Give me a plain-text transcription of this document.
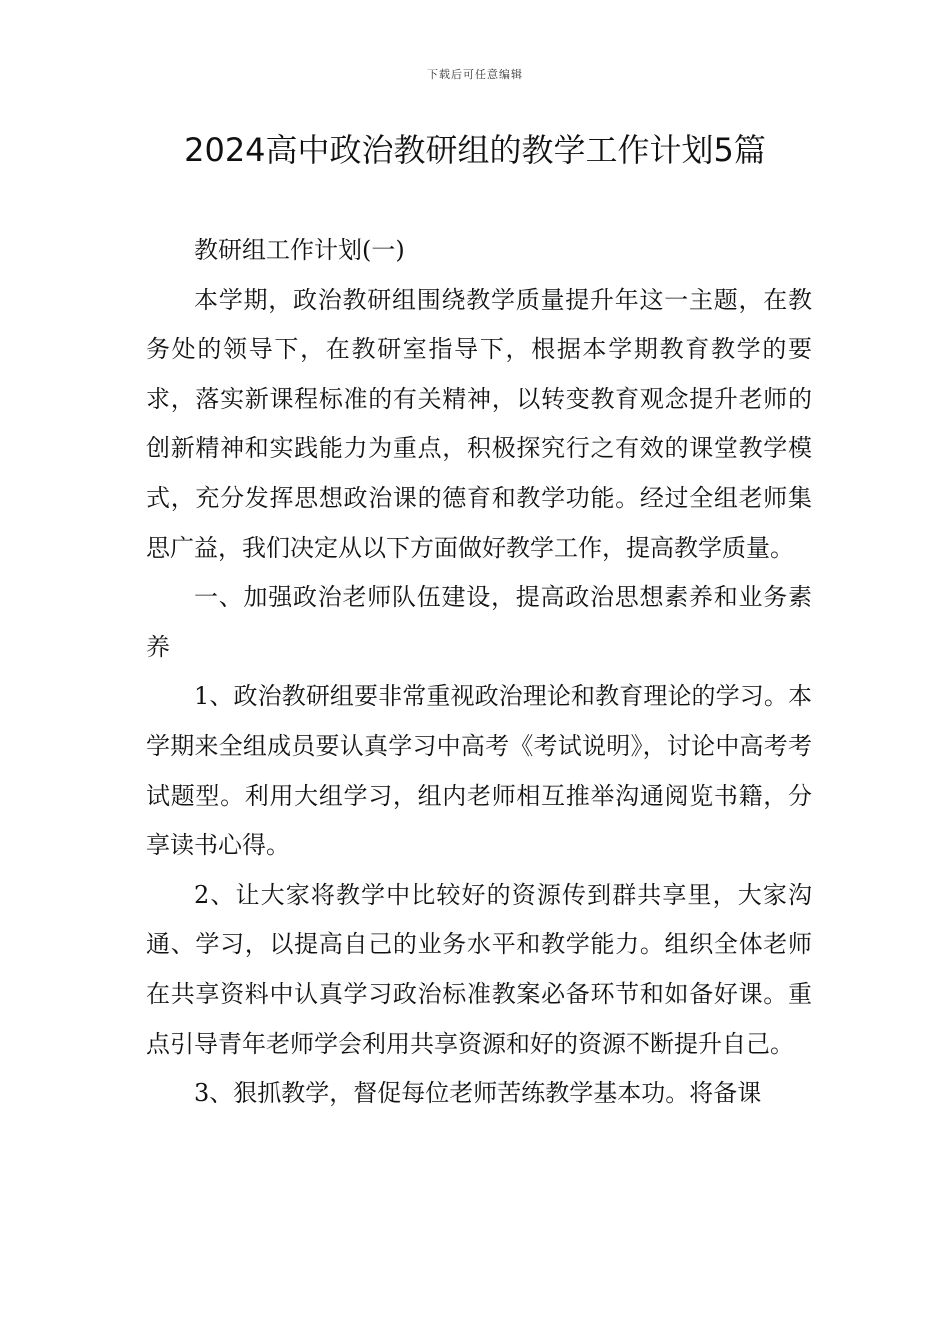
下载后可任意编辑
2024高中政治教研组的教学工作计划5篇

教研组工作计划(一)

本学期，政治教研组围绕教学质量提升年这一主题，在教务处的领导下，在教研室指导下，根据本学期教育教学的要求，落实新课程标准的有关精神，以转变教育观念提升老师的创新精神和实践能力为重点，积极探究行之有效的课堂教学模式，充分发挥思想政治课的德育和教学功能。经过全组老师集思广益，我们决定从以下方面做好教学工作，提高教学质量。

一、加强政治老师队伍建设，提高政治思想素养和业务素养

1、政治教研组要非常重视政治理论和教育理论的学习。本学期来全组成员要认真学习中高考《考试说明》，讨论中高考考试题型。利用大组学习，组内老师相互推举沟通阅览书籍，分享读书心得。

2、让大家将教学中比较好的资源传到群共享里，大家沟通、学习，以提高自己的业务水平和教学能力。组织全体老师在共享资料中认真学习政治标准教案必备环节和如备好课。重点引导青年老师学会利用共享资源和好的资源不断提升自己。

3、狠抓教学，督促每位老师苦练教学基本功。将备课
